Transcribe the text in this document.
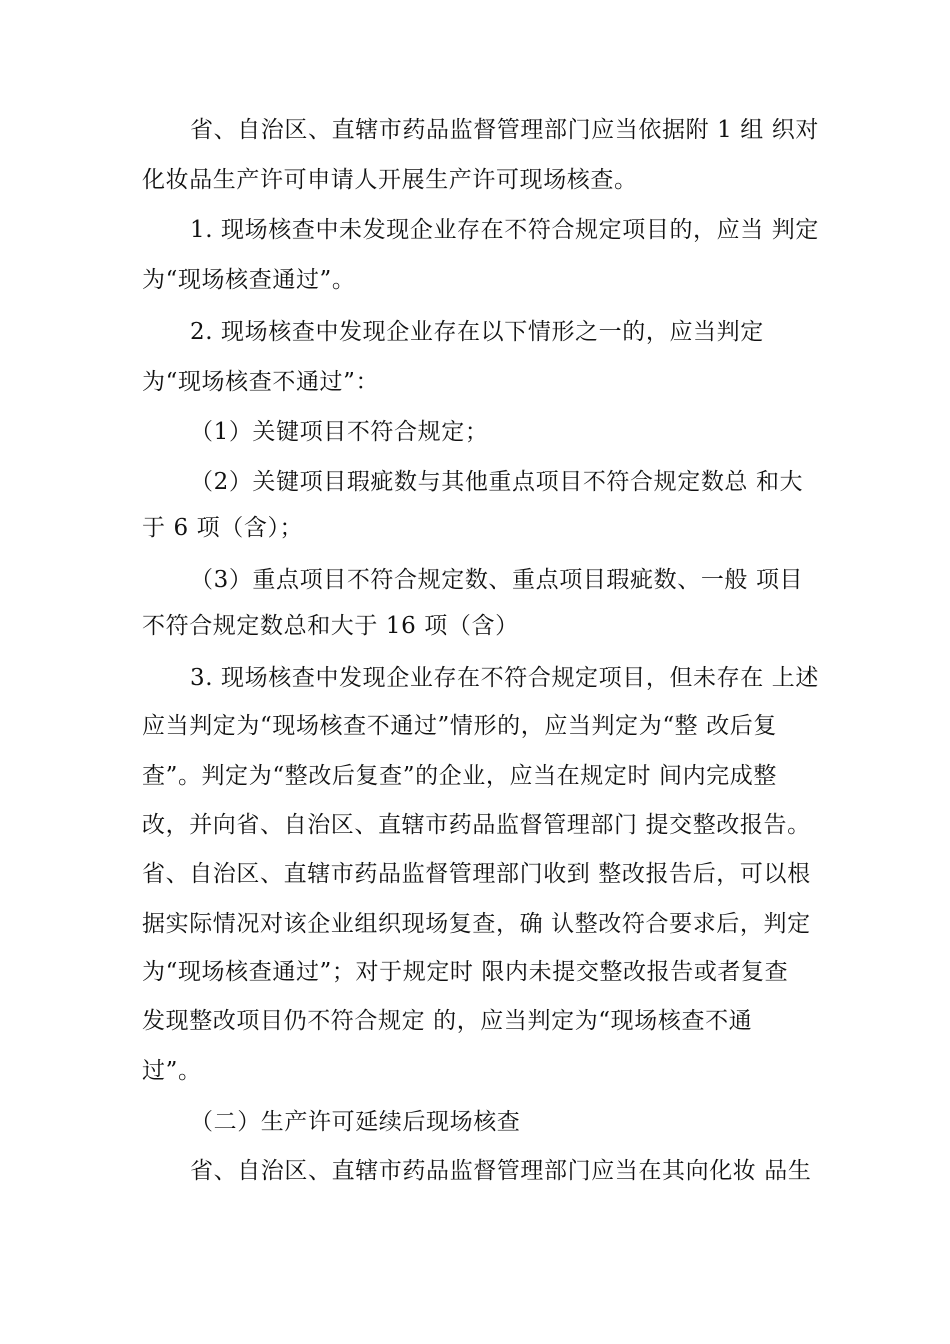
省、自治区、直辖市药品监督管理部门应当依据附 1 组 织对
化妆品生产许可申请人开展生产许可现场核查。
1. 现场核查中未发现企业存在不符合规定项目的，应当 判定
为“现场核查通过”。
2. 现场核查中发现企业存在以下情形之一的，应当判定
为“现场核查不通过”：
（1）关键项目不符合规定；
（2）关键项目瑕疵数与其他重点项目不符合规定数总 和大
于 6 项（含）；
（3）重点项目不符合规定数、重点项目瑕疵数、一般 项目
不符合规定数总和大于 16 项（含）
3. 现场核查中发现企业存在不符合规定项目，但未存在 上述
应当判定为“现场核查不通过”情形的，应当判定为“整 改后复
查”。判定为“整改后复查”的企业，应当在规定时 间内完成整
改，并向省、自治区、直辖市药品监督管理部门 提交整改报告。
省、自治区、直辖市药品监督管理部门收到 整改报告后，可以根
据实际情况对该企业组织现场复查，确 认整改符合要求后，判定
为“现场核查通过”；对于规定时 限内未提交整改报告或者复查
发现整改项目仍不符合规定 的，应当判定为“现场核查不通
过”。
（二）生产许可延续后现场核查
省、自治区、直辖市药品监督管理部门应当在其向化妆 品生
